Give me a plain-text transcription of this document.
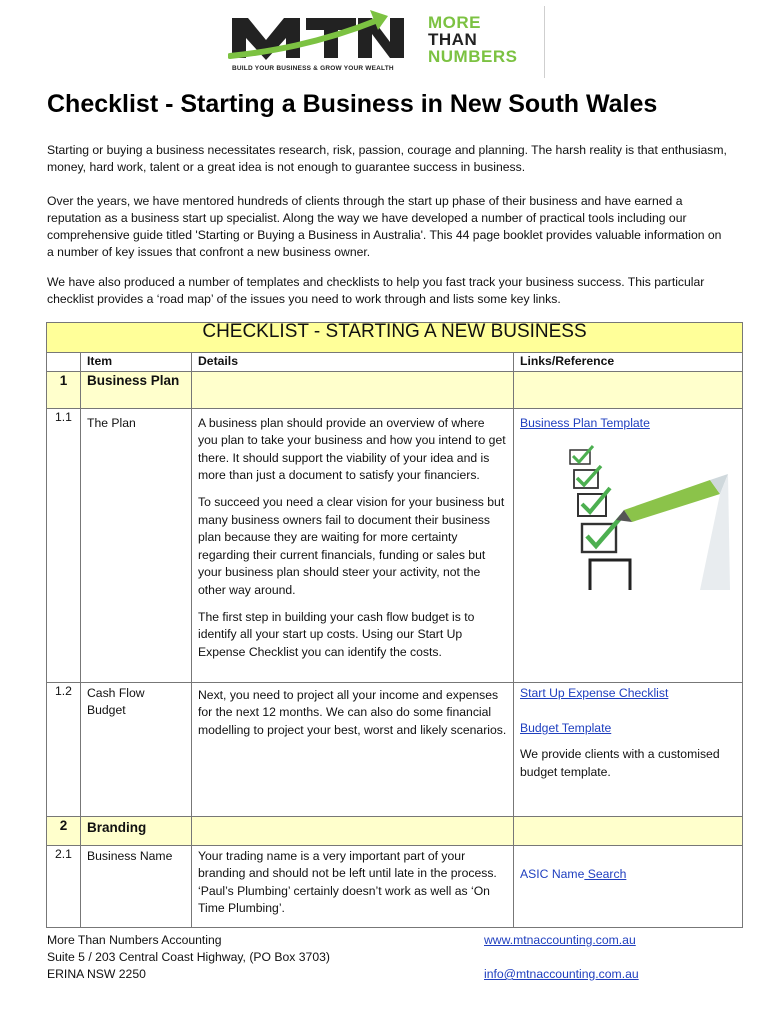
BUILD YOUR BUSINESS & GROW YOUR WEALTH
MORE
THAN
NUMBERS
Checklist - Starting a Business in New South Wales

Starting or buying a business necessitates research, risk, passion, courage and planning. The harsh reality is that enthusiasm, money, hard work, talent or a great idea is not enough to guarantee success in business.

Over the years, we have mentored hundreds of clients through the start up phase of their business and have earned a reputation as a business start up specialist. Along the way we have developed a number of practical tools including our comprehensive guide titled 'Starting or Buying a Business in Australia'. This 44 page booklet provides valuable information on a number of key issues that confront a new business owner.

We have also produced a number of templates and checklists to help you fast track your business success. This particular checklist provides a ‘road map’ of the issues you need to work through and lists some key links.

CHECKLIST - STARTING A NEW BUSINESS			
	Item	Details	Links/Reference
1	Business Plan		
1.1	The Plan	A business plan should provide an overview of where you plan to take your business and how you intend to get there. It should support the viability of your idea and is more than just a document to satisfy your financiers.

To succeed you need a clear vision for your business but many business owners fail to document their business plan because they are waiting for more certainty regarding their current financials, funding or sales but your business plan should steer your activity, not the other way around.

The first step in building your cash flow budget is to identify all your start up costs. Using our Start Up Expense Checklist you can identify the costs.	Business Plan Template

1.2	Cash Flow Budget	Next, you need to project all your income and expenses for the next 12 months. We can also do some financial modelling to project your best, worst and likely scenarios.	Start Up Expense Checklist

Budget Template

We provide clients with a customised budget template.

2	Branding		
2.1	Business Name	Your trading name is a very important part of your branding and should not be left until late in the process. ‘Paul’s Plumbing’ certainly doesn’t work as well as ‘On Time Plumbing’.	ASIC Name Search
More Than Numbers Accounting
Suite 5 / 203 Central Coast Highway, (PO Box 3703)
ERINA NSW 2250
www.mtnaccounting.com.au
info@mtnaccounting.com.au
